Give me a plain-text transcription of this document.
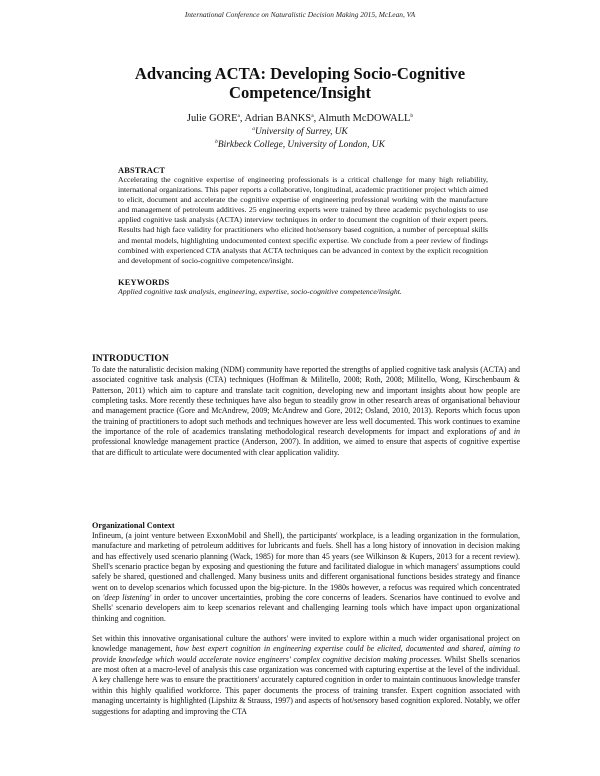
International Conference on Naturalistic Decision Making 2015, McLean, VA
Advancing ACTA: Developing Socio-Cognitive
Competence/Insight
Julie GORE$^a$, Adrian BANKS$^a$, Almuth McDOWALL$^b$
$^a$University of Surrey, UK
$^b$Birkbeck College, University of London, UK
ABSTRACT
Accelerating the cognitive expertise of engineering professionals is a critical challenge for many high reliability, international organizations. This paper reports a collaborative, longitudinal, academic practitioner project which aimed to elicit, document and accelerate the cognitive expertise of engineering professional working with the manufacture and management of petroleum additives. 25 engineering experts were trained by three academic psychologists to use applied cognitive task analysis (ACTA) interview techniques in order to document the cognition of their expert peers. Results had high face validity for practitioners who elicited hot/sensory based cognition, a number of perceptual skills and mental models, highlighting undocumented context specific expertise. We conclude from a peer review of findings combined with experienced CTA analysts that ACTA techniques can be advanced in context by the explicit recognition and development of socio-cognitive competence/insight.
KEYWORDS
Applied cognitive task analysis, engineering, expertise, socio-cognitive competence/insight.
INTRODUCTION
To date the naturalistic decision making (NDM) community have reported the strengths of applied cognitive task analysis (ACTA) and associated cognitive task analysis (CTA) techniques (Hoffman & Militello, 2008; Roth, 2008; Militello, Wong, Kirschenbaum & Patterson, 2011) which aim to capture and translate tacit cognition, developing new and important insights about how people are completing tasks. More recently these techniques have also begun to steadily grow in other research areas of organisational behaviour and management practice (Gore and McAndrew, 2009; McAndrew and Gore, 2012; Osland, 2010, 2013). Reports which focus upon the training of practitioners to adopt such methods and techniques however are less well documented. This work continues to examine the importance of the role of academics translating methodological research developments for impact and explorations of and in professional knowledge management practice (Anderson, 2007). In addition, we aimed to ensure that aspects of cognitive expertise that are difficult to articulate were documented with clear application validity.
Organizational Context
Infineum, (a joint venture between ExxonMobil and Shell), the participants' workplace, is a leading organization in the formulation, manufacture and marketing of petroleum additives for lubricants and fuels. Shell has a long history of innovation in decision making and has effectively used scenario planning (Wack, 1985) for more than 45 years (see Wilkinson & Kupers, 2013 for a recent review). Shell's scenario practice began by exposing and questioning the future and facilitated dialogue in which managers' assumptions could safely be shared, questioned and challenged. Many business units and different organisational functions besides strategy and finance went on to develop scenarios which focussed upon the big-picture. In the 1980s however, a refocus was required which concentrated on 'deep listening' in order to uncover uncertainties, probing the core concerns of leaders. Scenarios have continued to evolve and Shells' scenario developers aim to keep scenarios relevant and challenging learning tools which have impact upon organizational thinking and cognition.
Set within this innovative organisational culture the authors' were invited to explore within a much wider organisational project on knowledge management, how best expert cognition in engineering expertise could be elicited, documented and shared, aiming to provide knowledge which would accelerate novice engineers' complex cognitive decision making processes. Whilst Shells scenarios are most often at a macro-level of analysis this case organization was concerned with capturing expertise at the level of the individual. A key challenge here was to ensure the practitioners' accurately captured cognition in order to maintain continuous knowledge transfer within this highly qualified workforce. This paper documents the process of training transfer. Expert cognition associated with managing uncertainty is highlighted (Lipshitz & Strauss, 1997) and aspects of hot/sensory based cognition explored. Notably, we offer suggestions for adapting and improving the CTA
